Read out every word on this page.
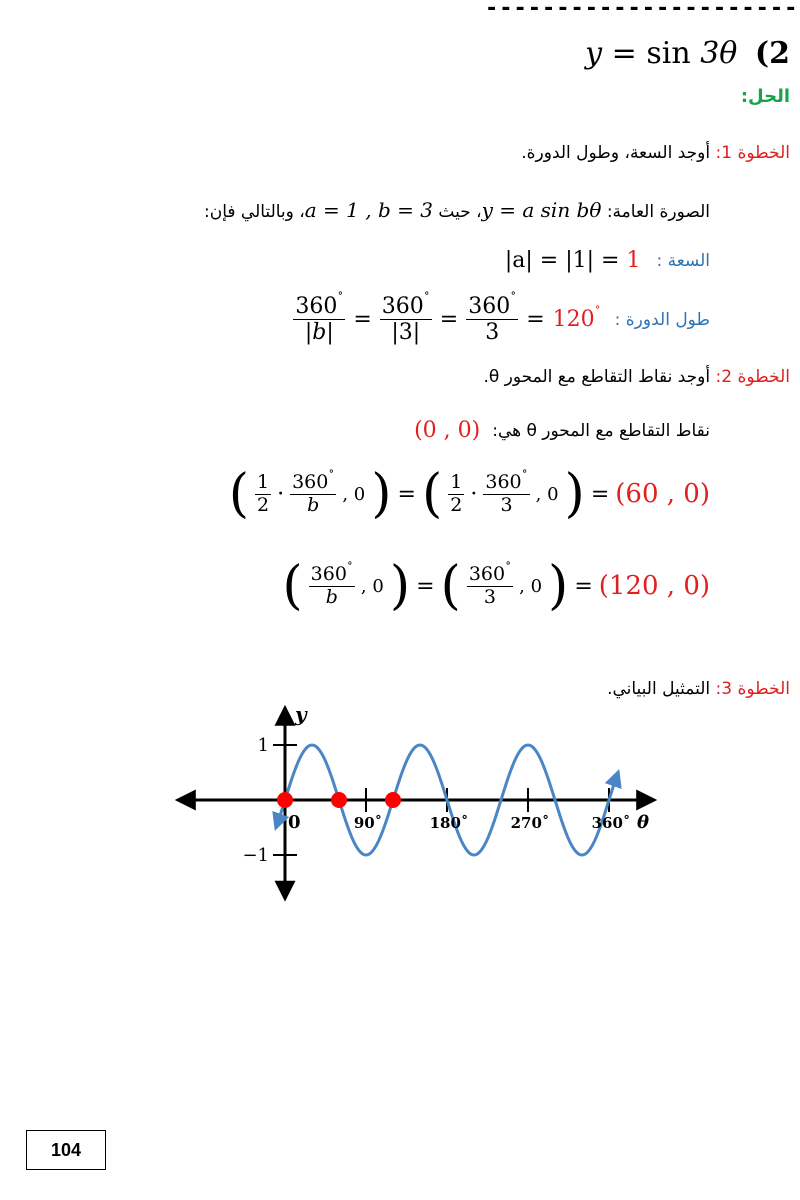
----------------------
y = sin 3θ (2
الحل:
الخطوة 1: أوجد السعة، وطول الدورة.
الصورة العامة: y = a sin bθ، حيث a = 1 , b = 3، وبالتالي فإن:
السعة :
|a| = |1| = 1
طول الدورة :
$\frac{360^˚}{|b|} = \frac{360^˚}{|3|} = \frac{360^˚}{3} = 120^˚$
الخطوة 2: أوجد نقاط التقاطع مع المحور θ.
نقاط التقاطع مع المحور θ هي:
(0 , 0)
( $\frac{1}{2} \cdot \frac{360^˚}{b}$ , 0 ) = ( $\frac{1}{2} \cdot \frac{360^˚}{3}$ , 0 ) = (60 , 0)
( $\frac{360^˚}{b}$ , 0 ) = ( $\frac{360^˚}{3}$ , 0 ) = (120 , 0)
الخطوة 3: التمثيل البياني.
0	90˚	180˚	270˚	360˚
1
−1
θ
y
104
